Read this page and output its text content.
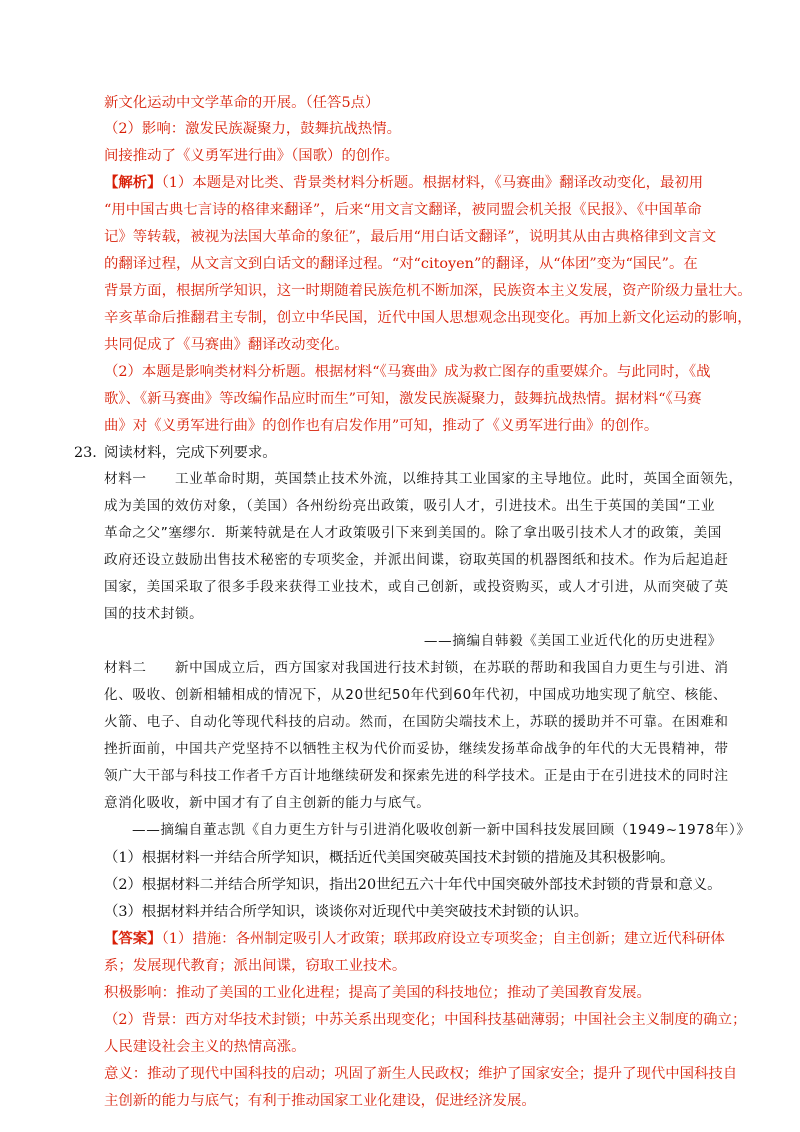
新文化运动中文学革命的开展。（任答5点）
（2）影响：激发民族凝聚力，鼓舞抗战热情。
间接推动了《义勇军进行曲》（国歌）的创作。
【解析】（1）本题是对比类、背景类材料分析题。根据材料，《马赛曲》翻译改动变化，最初用
“用中国古典七言诗的格律来翻译”，后来“用文言文翻译，被同盟会机关报《民报》、《中国革命
记》等转载，被视为法国大革命的象征”，最后用“用白话文翻译”，说明其从由古典格律到文言文
的翻译过程，从文言文到白话文的翻译过程。“对“citoyen”的翻译，从“体团”变为“国民”。在
背景方面，根据所学知识，这一时期随着民族危机不断加深，民族资本主义发展，资产阶级力量壮大。
辛亥革命后推翻君主专制，创立中华民国，近代中国人思想观念出现变化。再加上新文化运动的影响，
共同促成了《马赛曲》翻译改动变化。
（2）本题是影响类材料分析题。根据材料“《马赛曲》成为救亡图存的重要媒介。与此同时，《战
歌》、《新马赛曲》等改编作品应时而生”可知，激发民族凝聚力，鼓舞抗战热情。据材料“《马赛
曲》对《义勇军进行曲》的创作也有启发作用”可知，推动了《义勇军进行曲》的创作。
23. 阅读材料，完成下列要求。
材料一　　工业革命时期，英国禁止技术外流，以维持其工业国家的主导地位。此时，英国全面领先，
成为美国的效仿对象，（美国）各州纷纷亮出政策，吸引人才，引进技术。出生于英国的美国“工业
革命之父”塞缪尔．斯莱特就是在人才政策吸引下来到美国的。除了拿出吸引技术人才的政策，美国
政府还设立鼓励出售技术秘密的专项奖金，并派出间谍，窃取英国的机器图纸和技术。作为后起追赶
国家，美国采取了很多手段来获得工业技术，或自己创新，或投资购买，或人才引进，从而突破了英
国的技术封锁。
——摘编自韩毅《美国工业近代化的历史进程》
材料二　　新中国成立后，西方国家对我国进行技术封锁，在苏联的帮助和我国自力更生与引进、消
化、吸收、创新相辅相成的情况下，从20世纪50年代到60年代初，中国成功地实现了航空、核能、
火箭、电子、自动化等现代科技的启动。然而，在国防尖端技术上，苏联的援助并不可靠。在困难和
挫折面前，中国共产党坚持不以牺牲主权为代价而妥协，继续发扬革命战争的年代的大无畏精神，带
领广大干部与科技工作者千方百计地继续研发和探索先进的科学技术。正是由于在引进技术的同时注
意消化吸收，新中国才有了自主创新的能力与底气。
——摘编自董志凯《自力更生方针与引进消化吸收创新一新中国科技发展回顾（1949~1978年）》
（1）根据材料一并结合所学知识，概括近代美国突破英国技术封锁的措施及其积极影响。
（2）根据材料二并结合所学知识，指出20世纪五六十年代中国突破外部技术封锁的背景和意义。
（3）根据材料并结合所学知识，谈谈你对近现代中美突破技术封锁的认识。
【答案】（1）措施：各州制定吸引人才政策；联邦政府设立专项奖金；自主创新；建立近代科研体
系；发展现代教育；派出间谍，窃取工业技术。
积极影响：推动了美国的工业化进程；提高了美国的科技地位；推动了美国教育发展。
（2）背景：西方对华技术封锁；中苏关系出现变化；中国科技基础薄弱；中国社会主义制度的确立；
人民建设社会主义的热情高涨。
意义：推动了现代中国科技的启动；巩固了新生人民政权；维护了国家安全；提升了现代中国科技自
主创新的能力与底气；有利于推动国家工业化建设，促进经济发展。
